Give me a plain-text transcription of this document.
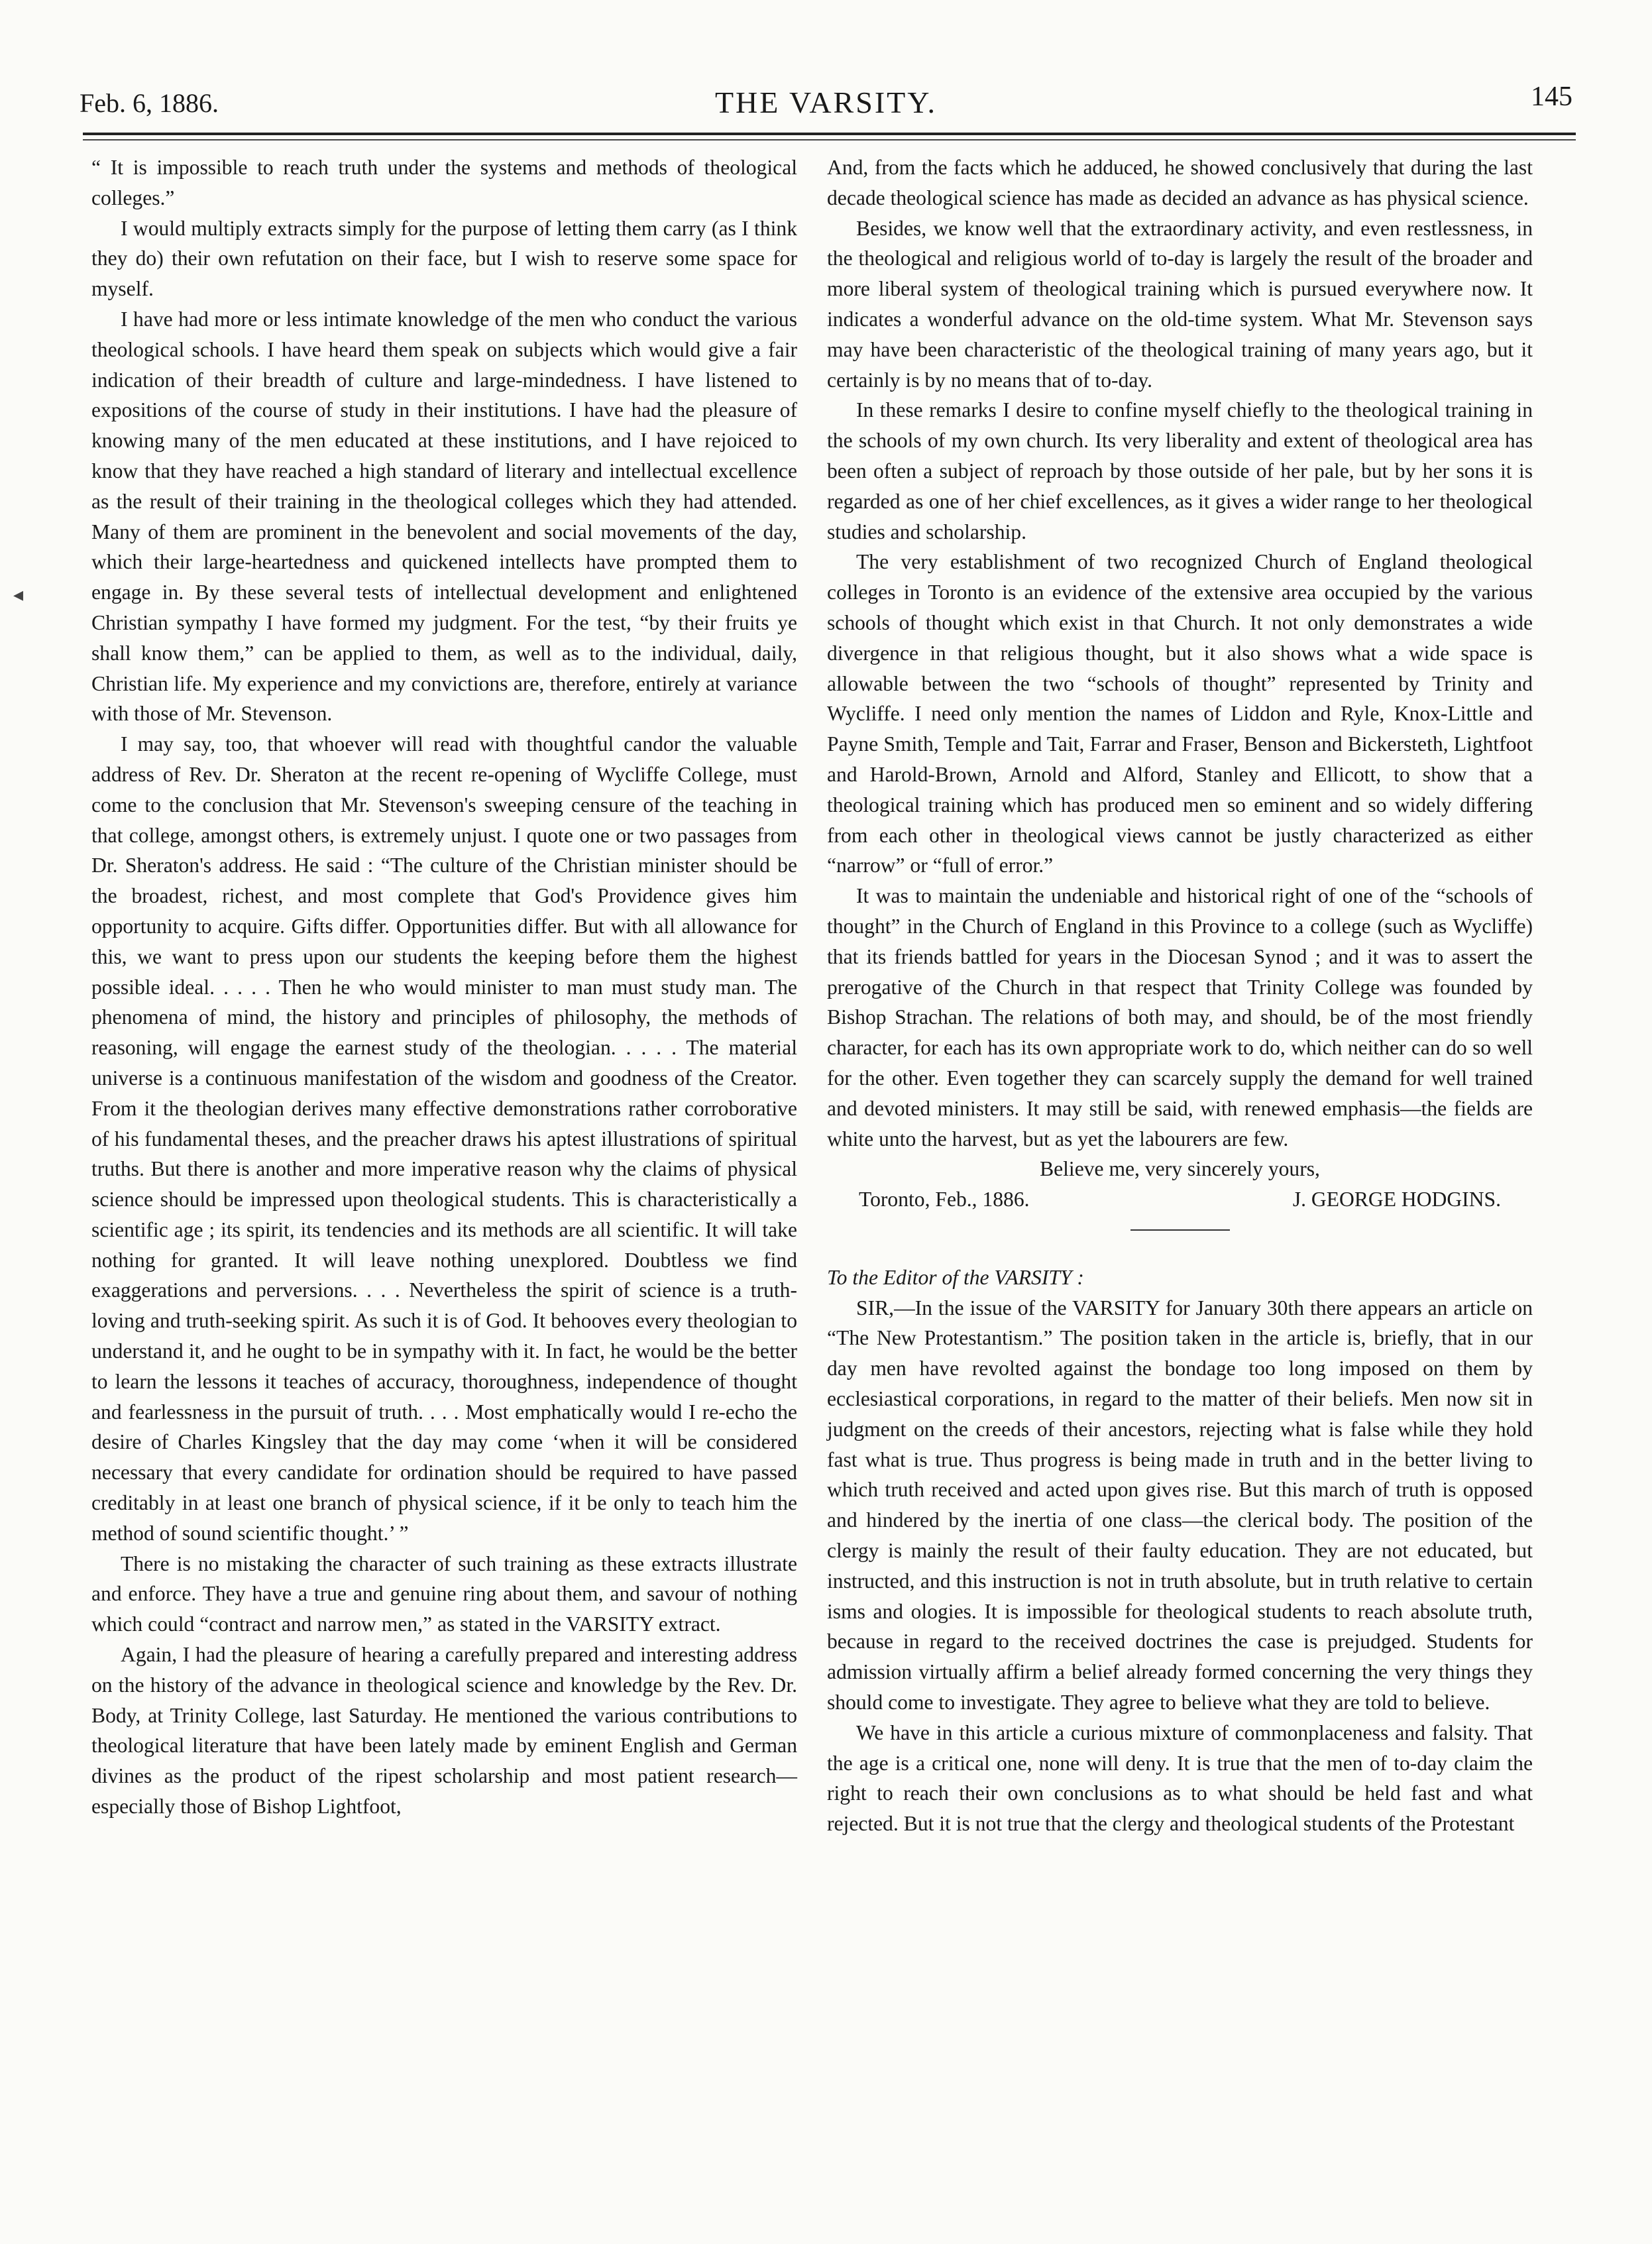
Feb. 6, 1886.	THE VARSITY.	145
◂

“ It is impossible to reach truth under the systems and methods of theological colleges.”

I would multiply extracts simply for the purpose of letting them carry (as I think they do) their own refutation on their face, but I wish to reserve some space for myself.

I have had more or less intimate knowledge of the men who conduct the various theological schools. I have heard them speak on subjects which would give a fair indication of their breadth of culture and large-mindedness. I have listened to expositions of the course of study in their institutions. I have had the pleasure of knowing many of the men educated at these institutions, and I have rejoiced to know that they have reached a high standard of literary and intellectual excellence as the result of their training in the theological colleges which they had attended. Many of them are prominent in the benevolent and social movements of the day, which their large-heartedness and quickened intellects have prompted them to engage in. By these several tests of intellectual development and enlightened Christian sympathy I have formed my judgment. For the test, “by their fruits ye shall know them,” can be applied to them, as well as to the individual, daily, Christian life. My experience and my convictions are, therefore, entirely at variance with those of Mr. Stevenson.

I may say, too, that whoever will read with thoughtful candor the valuable address of Rev. Dr. Sheraton at the recent re-opening of Wycliffe College, must come to the conclusion that Mr. Stevenson's sweeping censure of the teaching in that college, amongst others, is extremely unjust. I quote one or two passages from Dr. Sheraton's address. He said : “The culture of the Christian minister should be the broadest, richest, and most complete that God's Providence gives him opportunity to acquire. Gifts differ. Opportunities differ. But with all allowance for this, we want to press upon our students the keeping before them the highest possible ideal. . . . . Then he who would minister to man must study man. The phenomena of mind, the history and principles of philosophy, the methods of reasoning, will engage the earnest study of the theologian. . . . . The material universe is a continuous manifestation of the wisdom and goodness of the Creator. From it the theologian derives many effective demonstrations rather corroborative of his fundamental theses, and the preacher draws his aptest illustrations of spiritual truths. But there is another and more imperative reason why the claims of physical science should be impressed upon theological students. This is characteristically a scientific age ; its spirit, its tendencies and its methods are all scientific. It will take nothing for granted. It will leave nothing unexplored. Doubtless we find exaggerations and perversions. . . . Nevertheless the spirit of science is a truth-loving and truth-seeking spirit. As such it is of God. It behooves every theologian to understand it, and he ought to be in sympathy with it. In fact, he would be the better to learn the lessons it teaches of accuracy, thoroughness, independence of thought and fearlessness in the pursuit of truth. . . . Most emphatically would I re-echo the desire of Charles Kingsley that the day may come ‘when it will be considered necessary that every candidate for ordination should be required to have passed creditably in at least one branch of physical science, if it be only to teach him the method of sound scientific thought.’ ”

There is no mistaking the character of such training as these extracts illustrate and enforce. They have a true and genuine ring about them, and savour of nothing which could “contract and narrow men,” as stated in the VARSITY extract.

Again, I had the pleasure of hearing a carefully prepared and interesting address on the history of the advance in theological science and knowledge by the Rev. Dr. Body, at Trinity College, last Saturday. He mentioned the various contributions to theological literature that have been lately made by eminent English and German divines as the product of the ripest scholarship and most patient research—especially those of Bishop Lightfoot,

And, from the facts which he adduced, he showed conclusively that during the last decade theological science has made as decided an advance as has physical science.

Besides, we know well that the extraordinary activity, and even restlessness, in the theological and religious world of to-day is largely the result of the broader and more liberal system of theological training which is pursued everywhere now. It indicates a wonderful advance on the old-time system. What Mr. Stevenson says may have been characteristic of the theological training of many years ago, but it certainly is by no means that of to-day.

In these remarks I desire to confine myself chiefly to the theological training in the schools of my own church. Its very liberality and extent of theological area has been often a subject of reproach by those outside of her pale, but by her sons it is regarded as one of her chief excellences, as it gives a wider range to her theological studies and scholarship.

The very establishment of two recognized Church of England theological colleges in Toronto is an evidence of the extensive area occupied by the various schools of thought which exist in that Church. It not only demonstrates a wide divergence in that religious thought, but it also shows what a wide space is allowable between the two “schools of thought” represented by Trinity and Wycliffe. I need only mention the names of Liddon and Ryle, Knox-Little and Payne Smith, Temple and Tait, Farrar and Fraser, Benson and Bickersteth, Lightfoot and Harold-Brown, Arnold and Alford, Stanley and Ellicott, to show that a theological training which has produced men so eminent and so widely differing from each other in theological views cannot be justly characterized as either “narrow” or “full of error.”

It was to maintain the undeniable and historical right of one of the “schools of thought” in the Church of England in this Province to a college (such as Wycliffe) that its friends battled for years in the Diocesan Synod ; and it was to assert the prerogative of the Church in that respect that Trinity College was founded by Bishop Strachan. The relations of both may, and should, be of the most friendly character, for each has its own appropriate work to do, which neither can do so well for the other. Even together they can scarcely supply the demand for well trained and devoted ministers. It may still be said, with renewed emphasis—the fields are white unto the harvest, but as yet the labourers are few.

Believe me, very sincerely yours,

Toronto, Feb., 1886.	J. GEORGE HODGINS.

To the Editor of the VARSITY :

SIR,—In the issue of the VARSITY for January 30th there appears an article on “The New Protestantism.” The position taken in the article is, briefly, that in our day men have revolted against the bondage too long imposed on them by ecclesiastical corporations, in regard to the matter of their beliefs. Men now sit in judgment on the creeds of their ancestors, rejecting what is false while they hold fast what is true. Thus progress is being made in truth and in the better living to which truth received and acted upon gives rise. But this march of truth is opposed and hindered by the inertia of one class—the clerical body. The position of the clergy is mainly the result of their faulty education. They are not educated, but instructed, and this instruction is not in truth absolute, but in truth relative to certain isms and ologies. It is impossible for theological students to reach absolute truth, because in regard to the received doctrines the case is prejudged. Students for admission virtually affirm a belief already formed concerning the very things they should come to investigate. They agree to believe what they are told to believe.

We have in this article a curious mixture of commonplaceness and falsity. That the age is a critical one, none will deny. It is true that the men of to-day claim the right to reach their own conclusions as to what should be held fast and what rejected. But it is not true that the clergy and theological students of the Protestant
